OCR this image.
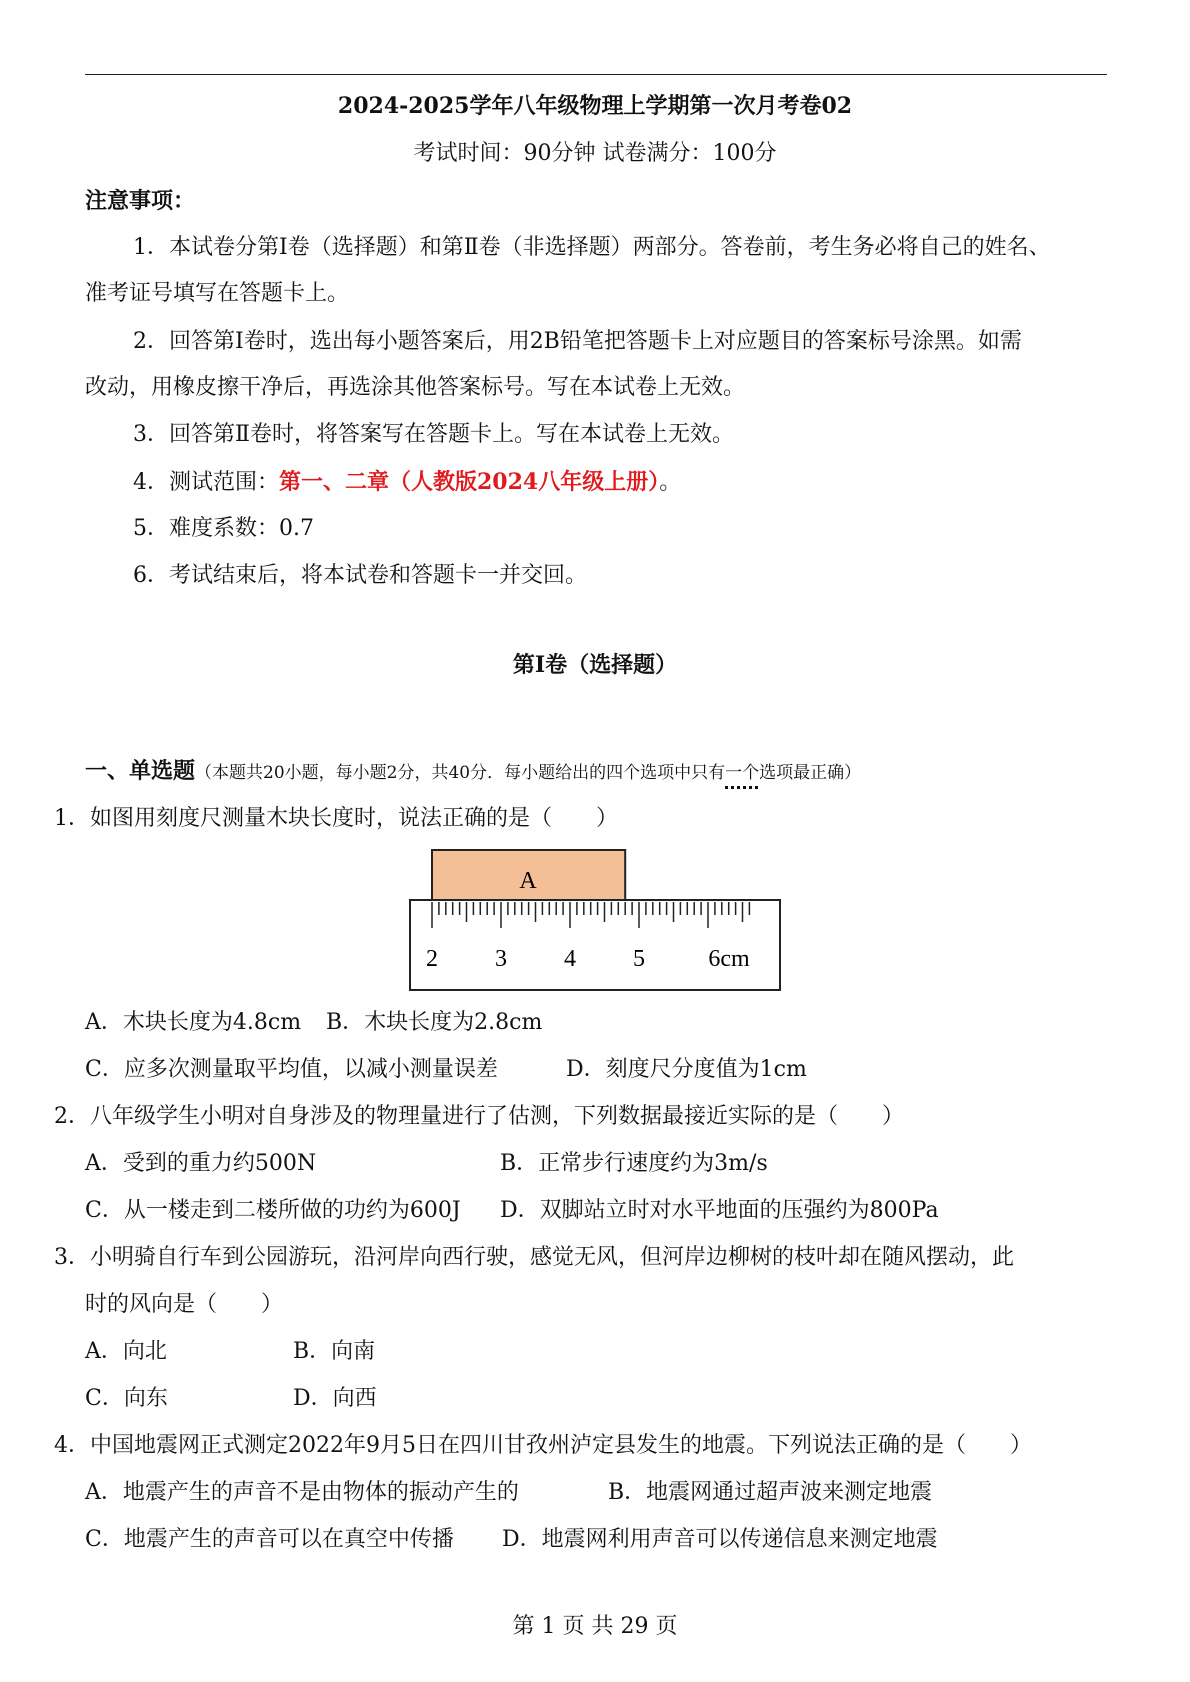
2024-2025学年八年级物理上学期第一次月考卷02
考试时间：90分钟 试卷满分：100分
注意事项：
1．本试卷分第Ⅰ卷（选择题）和第Ⅱ卷（非选择题）两部分。答卷前，考生务必将自己的姓名、
准考证号填写在答题卡上。
2．回答第Ⅰ卷时，选出每小题答案后，用2B铅笔把答题卡上对应题目的答案标号涂黑。如需
改动，用橡皮擦干净后，再选涂其他答案标号。写在本试卷上无效。
3．回答第Ⅱ卷时，将答案写在答题卡上。写在本试卷上无效。
4．测试范围：第一、二章（人教版2024八年级上册）。
5．难度系数：0.7
6．考试结束后，将本试卷和答题卡一并交回。
第Ⅰ卷（选择题）
一、单选题（本题共20小题，每小题2分，共40分．每小题给出的四个选项中只有一个选项最正确）
1．如图用刻度尺测量木块长度时，说法正确的是（　　）
A
2 3 4 5	6cm
A．木块长度为4.8cm B．木块长度为2.8cm
C．应多次测量取平均值，以减小测量误差	D．刻度尺分度值为1cm
2．八年级学生小明对自身涉及的物理量进行了估测，下列数据最接近实际的是（　　）
A．受到的重力约500N	B．正常步行速度约为3m/s
C．从一楼走到二楼所做的功约为600J D．双脚站立时对水平地面的压强约为800Pa
3．小明骑自行车到公园游玩，沿河岸向西行驶，感觉无风，但河岸边柳树的枝叶却在随风摆动，此
时的风向是（　　）
A．向北	B．向南
C．向东	D．向西
4．中国地震网正式测定2022年9月5日在四川甘孜州泸定县发生的地震。下列说法正确的是（　　）
A．地震产生的声音不是由物体的振动产生的	B．地震网通过超声波来测定地震
C．地震产生的声音可以在真空中传播 D．地震网利用声音可以传递信息来测定地震
第 1 页 共 29 页
